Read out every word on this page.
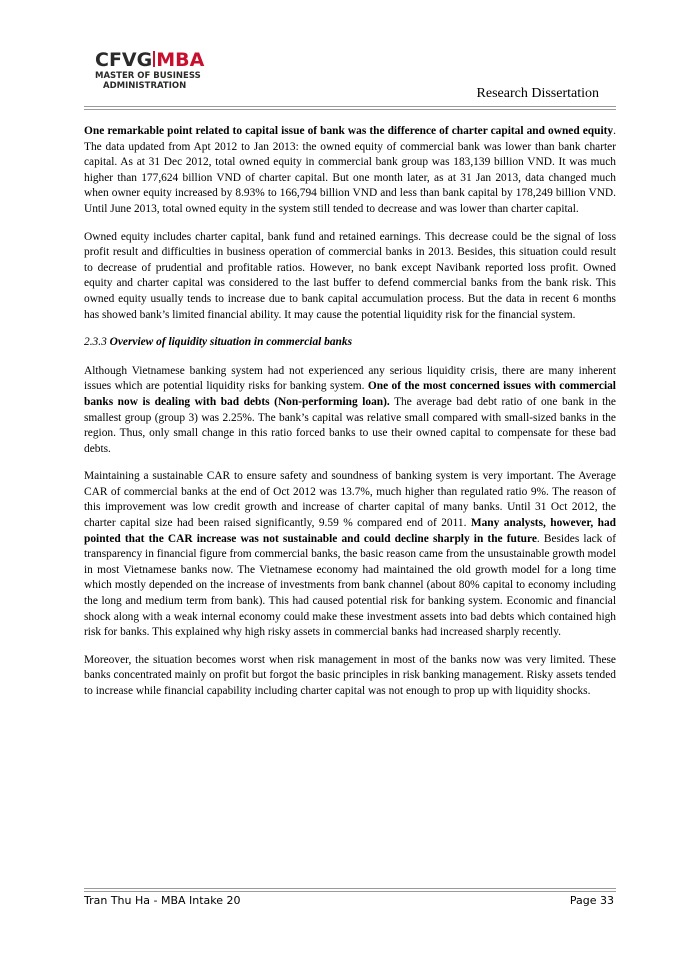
CFVG MBA
MASTER OF BUSINESS
ADMINISTRATION
Research Dissertation

One remarkable point related to capital issue of bank was the difference of charter capital and owned equity. The data updated from Apt 2012 to Jan 2013: the owned equity of commercial bank was lower than bank charter capital. As at 31 Dec 2012, total owned equity in commercial bank group was 183,139 billion VND. It was much higher than 177,624 billion VND of charter capital. But one month later, as at 31 Jan 2013, data changed much when owner equity increased by 8.93% to 166,794 billion VND and less than bank capital by 178,249 billion VND. Until June 2013, total owned equity in the system still tended to decrease and was lower than charter capital.

Owned equity includes charter capital, bank fund and retained earnings. This decrease could be the signal of loss profit result and difficulties in business operation of commercial banks in 2013. Besides, this situation could result to decrease of prudential and profitable ratios. However, no bank except Navibank reported loss profit. Owned equity and charter capital was considered to the last buffer to defend commercial banks from the bank risk. This owned equity usually tends to increase due to bank capital accumulation process. But the data in recent 6 months has showed bank’s limited financial ability. It may cause the potential liquidity risk for the financial system.

2.3.3 Overview of liquidity situation in commercial banks

Although Vietnamese banking system had not experienced any serious liquidity crisis, there are many inherent issues which are potential liquidity risks for banking system. One of the most concerned issues with commercial banks now is dealing with bad debts (Non-performing loan). The average bad debt ratio of one bank in the smallest group (group 3) was 2.25%. The bank’s capital was relative small compared with small-sized banks in the region. Thus, only small change in this ratio forced banks to use their owned capital to compensate for these bad debts.

Maintaining a sustainable CAR to ensure safety and soundness of banking system is very important. The Average CAR of commercial banks at the end of Oct 2012 was 13.7%, much higher than regulated ratio 9%. The reason of this improvement was low credit growth and increase of charter capital of many banks. Until 31 Oct 2012, the charter capital size had been raised significantly, 9.59 % compared end of 2011. Many analysts, however, had pointed that the CAR increase was not sustainable and could decline sharply in the future. Besides lack of transparency in financial figure from commercial banks, the basic reason came from the unsustainable growth model in most Vietnamese banks now. The Vietnamese economy had maintained the old growth model for a long time which mostly depended on the increase of investments from bank channel (about 80% capital to economy including the long and medium term from bank). This had caused potential risk for banking system. Economic and financial shock along with a weak internal economy could make these investment assets into bad debts which contained high risk for banks. This explained why high risky assets in commercial banks had increased sharply recently.

Moreover, the situation becomes worst when risk management in most of the banks now was very limited. These banks concentrated mainly on profit but forgot the basic principles in risk banking management. Risky assets tended to increase while financial capability including charter capital was not enough to prop up with liquidity shocks.

Tran Thu Ha - MBA Intake 20	Page 33
